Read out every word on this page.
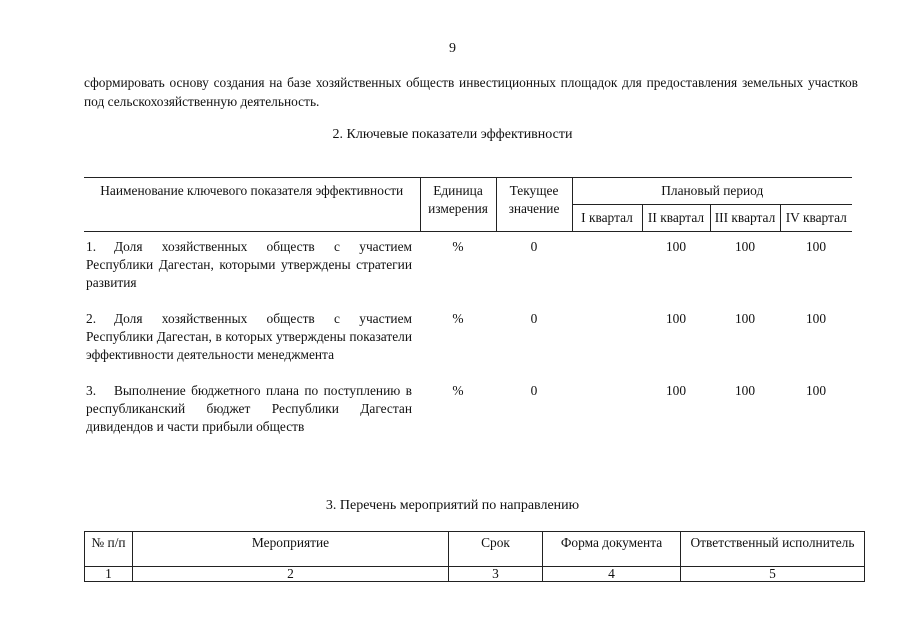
9
сформировать основу создания на базе хозяйственных обществ инвестиционных площадок для предоставления земельных участков под сельскохозяйственную деятельность.
2. Ключевые показатели эффективности
Наименование ключевого показателя эффективности	Единица измерения	Текущее значение	Плановый период			
			I квартал	II квартал	III квартал	IV квартал
1. Доля хозяйственных обществ с участием Республики Дагестан, которыми утверждены стратегии развития	%	0		100	100	100
2. Доля хозяйственных обществ с участием Республики Дагестан, в которых утверждены показатели эффективности деятельности менеджмента	%	0		100	100	100
3. Выполнение бюджетного плана по поступлению в республиканский бюджет Республики Дагестан дивидендов и части прибыли обществ	%	0		100	100	100
3. Перечень мероприятий по направлению
№ п/п	Мероприятие	Срок	Форма документа	Ответственный исполнитель
1	2	3	4	5
